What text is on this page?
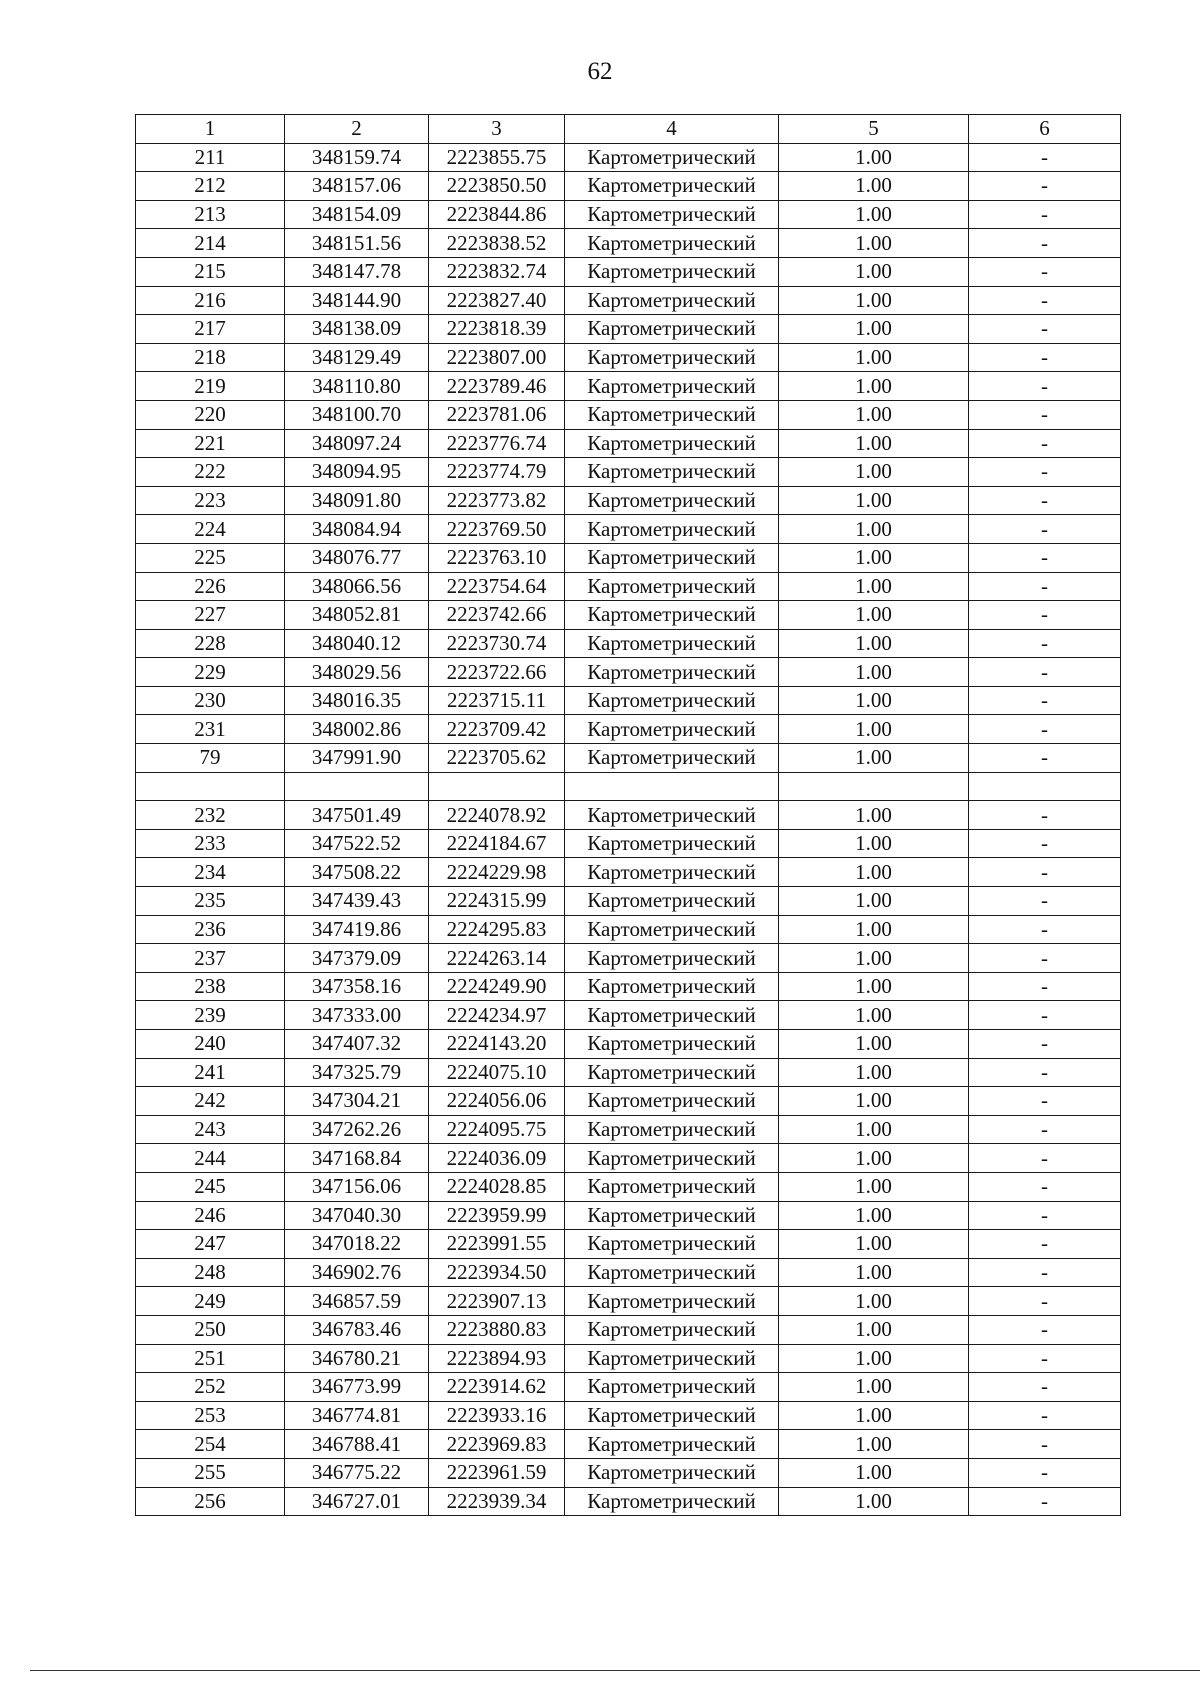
62
1	2	3	4	5	6
211	348159.74	2223855.75	Картометрический	1.00	-
212	348157.06	2223850.50	Картометрический	1.00	-
213	348154.09	2223844.86	Картометрический	1.00	-
214	348151.56	2223838.52	Картометрический	1.00	-
215	348147.78	2223832.74	Картометрический	1.00	-
216	348144.90	2223827.40	Картометрический	1.00	-
217	348138.09	2223818.39	Картометрический	1.00	-
218	348129.49	2223807.00	Картометрический	1.00	-
219	348110.80	2223789.46	Картометрический	1.00	-
220	348100.70	2223781.06	Картометрический	1.00	-
221	348097.24	2223776.74	Картометрический	1.00	-
222	348094.95	2223774.79	Картометрический	1.00	-
223	348091.80	2223773.82	Картометрический	1.00	-
224	348084.94	2223769.50	Картометрический	1.00	-
225	348076.77	2223763.10	Картометрический	1.00	-
226	348066.56	2223754.64	Картометрический	1.00	-
227	348052.81	2223742.66	Картометрический	1.00	-
228	348040.12	2223730.74	Картометрический	1.00	-
229	348029.56	2223722.66	Картометрический	1.00	-
230	348016.35	2223715.11	Картометрический	1.00	-
231	348002.86	2223709.42	Картометрический	1.00	-
79	347991.90	2223705.62	Картометрический	1.00	-

232	347501.49	2224078.92	Картометрический	1.00	-
233	347522.52	2224184.67	Картометрический	1.00	-
234	347508.22	2224229.98	Картометрический	1.00	-
235	347439.43	2224315.99	Картометрический	1.00	-
236	347419.86	2224295.83	Картометрический	1.00	-
237	347379.09	2224263.14	Картометрический	1.00	-
238	347358.16	2224249.90	Картометрический	1.00	-
239	347333.00	2224234.97	Картометрический	1.00	-
240	347407.32	2224143.20	Картометрический	1.00	-
241	347325.79	2224075.10	Картометрический	1.00	-
242	347304.21	2224056.06	Картометрический	1.00	-
243	347262.26	2224095.75	Картометрический	1.00	-
244	347168.84	2224036.09	Картометрический	1.00	-
245	347156.06	2224028.85	Картометрический	1.00	-
246	347040.30	2223959.99	Картометрический	1.00	-
247	347018.22	2223991.55	Картометрический	1.00	-
248	346902.76	2223934.50	Картометрический	1.00	-
249	346857.59	2223907.13	Картометрический	1.00	-
250	346783.46	2223880.83	Картометрический	1.00	-
251	346780.21	2223894.93	Картометрический	1.00	-
252	346773.99	2223914.62	Картометрический	1.00	-
253	346774.81	2223933.16	Картометрический	1.00	-
254	346788.41	2223969.83	Картометрический	1.00	-
255	346775.22	2223961.59	Картометрический	1.00	-
256	346727.01	2223939.34	Картометрический	1.00	-
